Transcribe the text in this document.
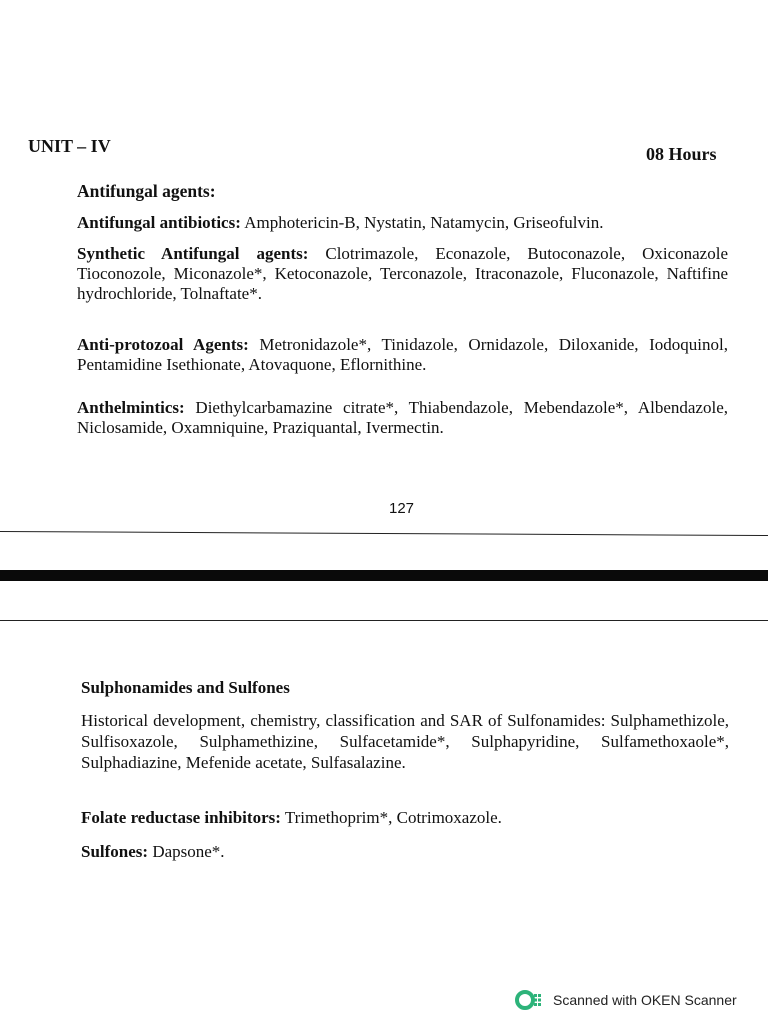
UNIT – IV	08 Hours
Antifungal agents:
Antifungal antibiotics: Amphotericin-B, Nystatin, Natamycin, Griseofulvin.
Synthetic Antifungal agents: Clotrimazole, Econazole, Butoconazole, Oxiconazole Tioconozole, Miconazole*, Ketoconazole, Terconazole, Itraconazole, Fluconazole, Naftifine hydrochloride, Tolnaftate*.
Anti-protozoal Agents: Metronidazole*, Tinidazole, Ornidazole, Diloxanide, Iodoquinol, Pentamidine Isethionate, Atovaquone, Eflornithine.
Anthelmintics: Diethylcarbamazine citrate*, Thiabendazole, Mebendazole*, Albendazole, Niclosamide, Oxamniquine, Praziquantal, Ivermectin.
127
Sulphonamides and Sulfones
Historical development, chemistry, classification and SAR of Sulfonamides: Sulphamethizole, Sulfisoxazole, Sulphamethizine, Sulfacetamide*, Sulphapyridine, Sulfamethoxaole*, Sulphadiazine, Mefenide acetate, Sulfasalazine.
Folate reductase inhibitors: Trimethoprim*, Cotrimoxazole.
Sulfones: Dapsone*.
Scanned with OKEN Scanner
